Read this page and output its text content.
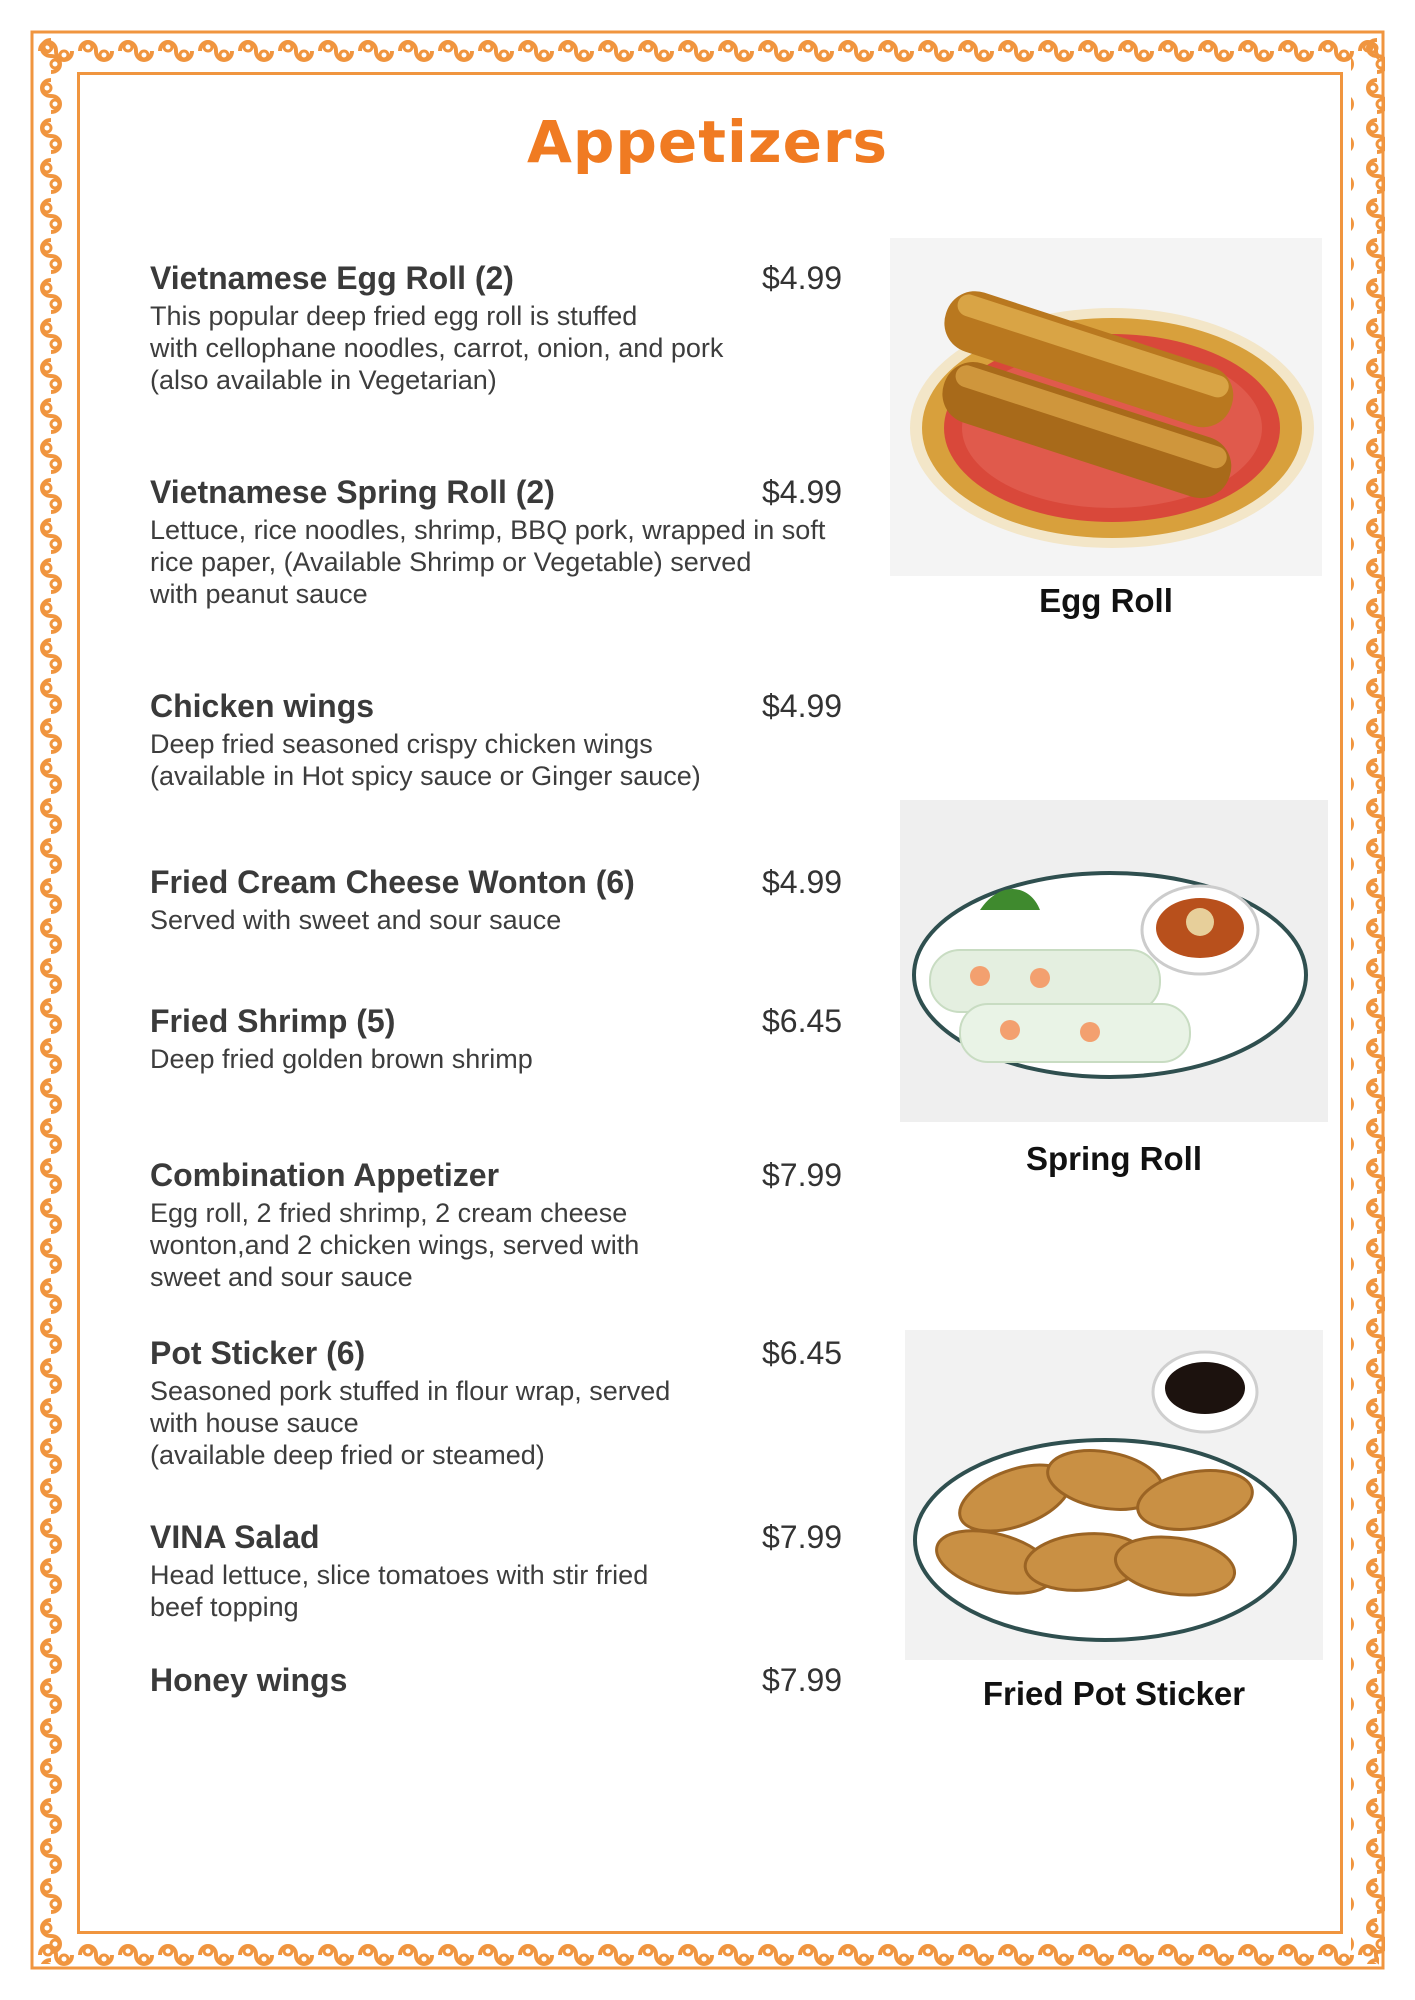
Appetizers
Vietnamese Egg Roll (2)	$4.99
This popular deep fried egg roll is stuffed
with cellophane noodles, carrot, onion, and pork
(also available in Vegetarian)
Vietnamese Spring Roll (2)	$4.99
Lettuce, rice noodles, shrimp, BBQ pork, wrapped in soft
rice paper, (Available Shrimp or Vegetable) served
with peanut sauce
Chicken wings	$4.99
Deep fried seasoned crispy chicken wings
(available in Hot spicy sauce or Ginger sauce)
Fried Cream Cheese Wonton (6)	$4.99
Served with sweet and sour sauce
Fried Shrimp (5)	$6.45
Deep fried golden brown shrimp
Combination Appetizer	$7.99
Egg roll, 2 fried shrimp, 2 cream cheese
wonton,and 2 chicken wings, served with
sweet and sour sauce
Pot Sticker (6)	$6.45
Seasoned pork stuffed in flour wrap, served
with house sauce
(available deep fried or steamed)
VINA Salad	$7.99
Head lettuce, slice tomatoes with stir fried
beef topping
Honey wings	$7.99
Egg Roll
Spring Roll
Fried Pot Sticker
